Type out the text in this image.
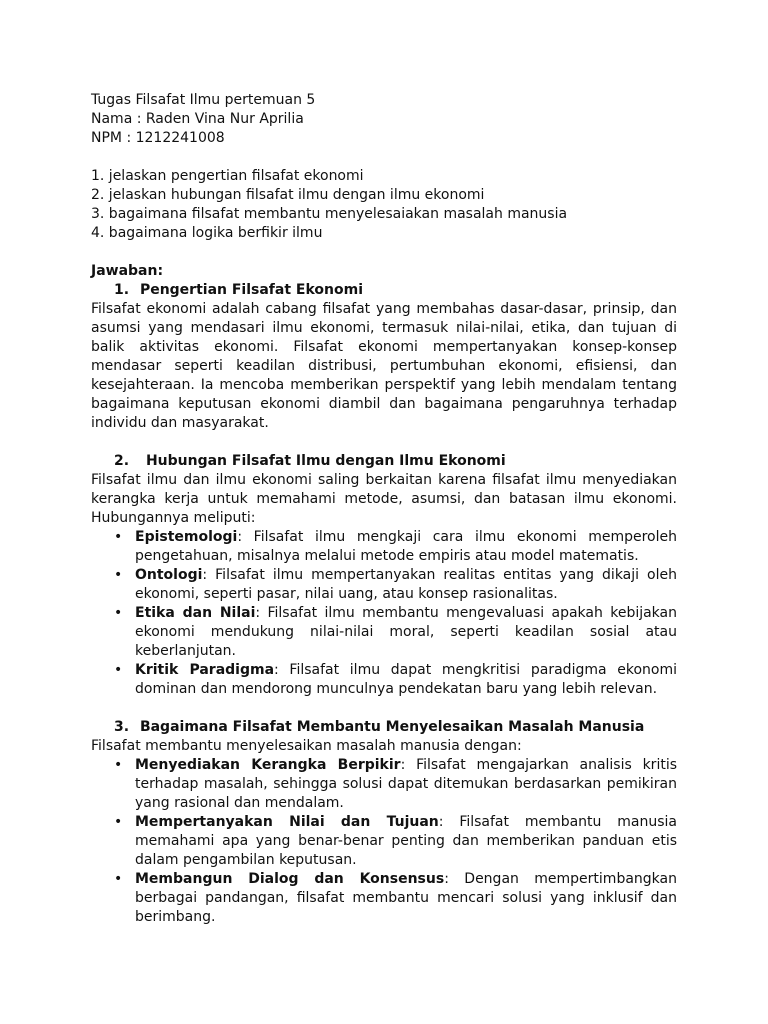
Tugas Filsafat Ilmu pertemuan 5
Nama : Raden Vina Nur Aprilia
NPM : 1212241008
1. jelaskan pengertian filsafat ekonomi
2. jelaskan hubungan filsafat ilmu dengan ilmu ekonomi
3. bagaimana filsafat membantu menyelesaiakan masalah manusia
4. bagaimana logika berfikir ilmu
Jawaban:
1. Pengertian Filsafat Ekonomi
Filsafat ekonomi adalah cabang filsafat yang membahas dasar-dasar, prinsip, dan asumsi yang mendasari ilmu ekonomi, termasuk nilai-nilai, etika, dan tujuan di balik aktivitas ekonomi. Filsafat ekonomi mempertanyakan konsep-konsep mendasar seperti keadilan distribusi, pertumbuhan ekonomi, efisiensi, dan kesejahteraan. Ia mencoba memberikan perspektif yang lebih mendalam tentang bagaimana keputusan ekonomi diambil dan bagaimana pengaruhnya terhadap individu dan masyarakat.
2. Hubungan Filsafat Ilmu dengan Ilmu Ekonomi
Filsafat ilmu dan ilmu ekonomi saling berkaitan karena filsafat ilmu menyediakan kerangka kerja untuk memahami metode, asumsi, dan batasan ilmu ekonomi. Hubungannya meliputi:
• Epistemologi: Filsafat ilmu mengkaji cara ilmu ekonomi memperoleh pengetahuan, misalnya melalui metode empiris atau model matematis.
• Ontologi: Filsafat ilmu mempertanyakan realitas entitas yang dikaji oleh ekonomi, seperti pasar, nilai uang, atau konsep rasionalitas.
• Etika dan Nilai: Filsafat ilmu membantu mengevaluasi apakah kebijakan ekonomi mendukung nilai-nilai moral, seperti keadilan sosial atau keberlanjutan.
• Kritik Paradigma: Filsafat ilmu dapat mengkritisi paradigma ekonomi dominan dan mendorong munculnya pendekatan baru yang lebih relevan.
3. Bagaimana Filsafat Membantu Menyelesaikan Masalah Manusia
Filsafat membantu menyelesaikan masalah manusia dengan:
• Menyediakan Kerangka Berpikir: Filsafat mengajarkan analisis kritis terhadap masalah, sehingga solusi dapat ditemukan berdasarkan pemikiran yang rasional dan mendalam.
• Mempertanyakan Nilai dan Tujuan: Filsafat membantu manusia memahami apa yang benar-benar penting dan memberikan panduan etis dalam pengambilan keputusan.
• Membangun Dialog dan Konsensus: Dengan mempertimbangkan berbagai pandangan, filsafat membantu mencari solusi yang inklusif dan berimbang.
